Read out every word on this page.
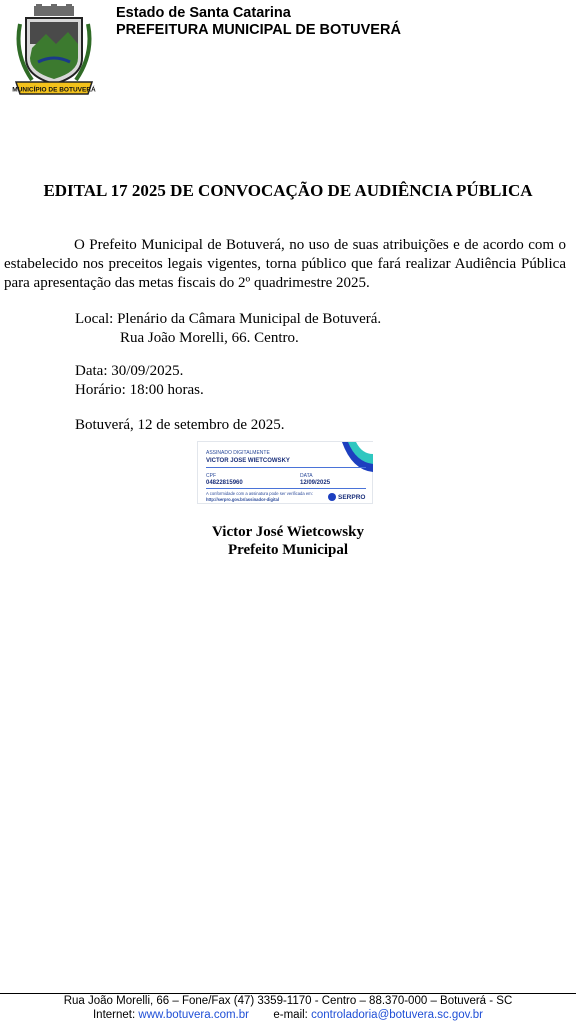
MUNICÍPIO DE BOTUVERÁ
Estado de Santa Catarina
PREFEITURA MUNICIPAL DE BOTUVERÁ
EDITAL 17 2025 DE CONVOCAÇÃO DE AUDIÊNCIA PÚBLICA
O Prefeito Municipal de Botuverá, no uso de suas atribuições e de acordo com o estabelecido nos preceitos legais vigentes, torna público que fará realizar Audiência Pública para apresentação das metas fiscais do 2º quadrimestre 2025.
Local: Plenário da Câmara Municipal de Botuverá.
Rua João Morelli, 66. Centro.
Data: 30/09/2025.
Horário: 18:00 horas.
Botuverá, 12 de setembro de 2025.
ASSINADO DIGITALMENTE
VICTOR JOSE WIETCOWSKY
CPF	DATA
04822815960	12/09/2025
A conformidade com a assinatura pode ser verificada em:
http://serpro.gov.br/assinador-digital	SERPRO
Victor José Wietcowsky
Prefeito Municipal
Rua João Morelli, 66 – Fone/Fax (47) 3359-1170 - Centro – 88.370-000 – Botuverá - SC
Internet: www.botuvera.com.br e-mail: controladoria@botuvera.sc.gov.br
